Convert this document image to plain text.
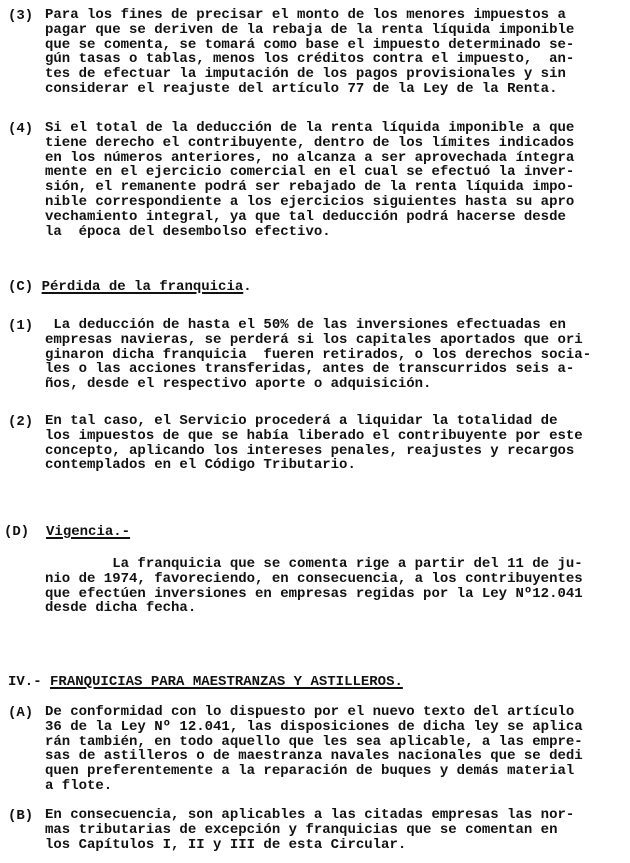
(3) Para los fines de precisar el monto de los menores impuestos a
pagar que se deriven de la rebaja de la renta líquida imponible
que se comenta, se tomará como base el impuesto determinado se-
gún tasas o tablas, menos los créditos contra el impuesto,  an-
tes de efectuar la imputación de los pagos provisionales y sin
considerar el reajuste del artículo 77 de la Ley de la Renta.
(4) Si el total de la deducción de la renta líquida imponible a que
tiene derecho el contribuyente, dentro de los límites indicados
en los números anteriores, no alcanza a ser aprovechada íntegra
mente en el ejercicio comercial en el cual se efectuó la inver-
sión, el remanente podrá ser rebajado de la renta líquida impo-
nible correspondiente a los ejercicios siguientes hasta su apro
vechamiento integral, ya que tal deducción podrá hacerse desde
la  época del desembolso efectivo.
(C) Pérdida de la franquicia.
(1) La deducción de hasta el 50% de las inversiones efectuadas en
empresas navieras, se perderá si los capitales aportados que ori
ginaron dicha franquicia  fueren retirados, o los derechos socia-
les o las acciones transferidas, antes de transcurridos seis a-
ños, desde el respectivo aporte o adquisición.
(2) En tal caso, el Servicio procederá a liquidar la totalidad de
los impuestos de que se había liberado el contribuyente por este
concepto, aplicando los intereses penales, reajustes y recargos
contemplados en el Código Tributario.
(D) Vigencia.-
La franquicia que se comenta rige a partir del 11 de ju-
nio de 1974, favoreciendo, en consecuencia, a los contribuyentes
que efectúen inversiones en empresas regidas por la Ley Nº12.041
desde dicha fecha.
IV.- FRANQUICIAS PARA MAESTRANZAS Y ASTILLEROS.
(A) De conformidad con lo dispuesto por el nuevo texto del artículo
36 de la Ley Nº 12.041, las disposiciones de dicha ley se aplica
rán también, en todo aquello que les sea aplicable, a las empre-
sas de astilleros o de maestranza navales nacionales que se dedi
quen preferentemente a la reparación de buques y demás material
a flote.
(B) En consecuencia, son aplicables a las citadas empresas las nor-
mas tributarias de excepción y franquicias que se comentan en
los Capítulos I, II y III de esta Circular.
